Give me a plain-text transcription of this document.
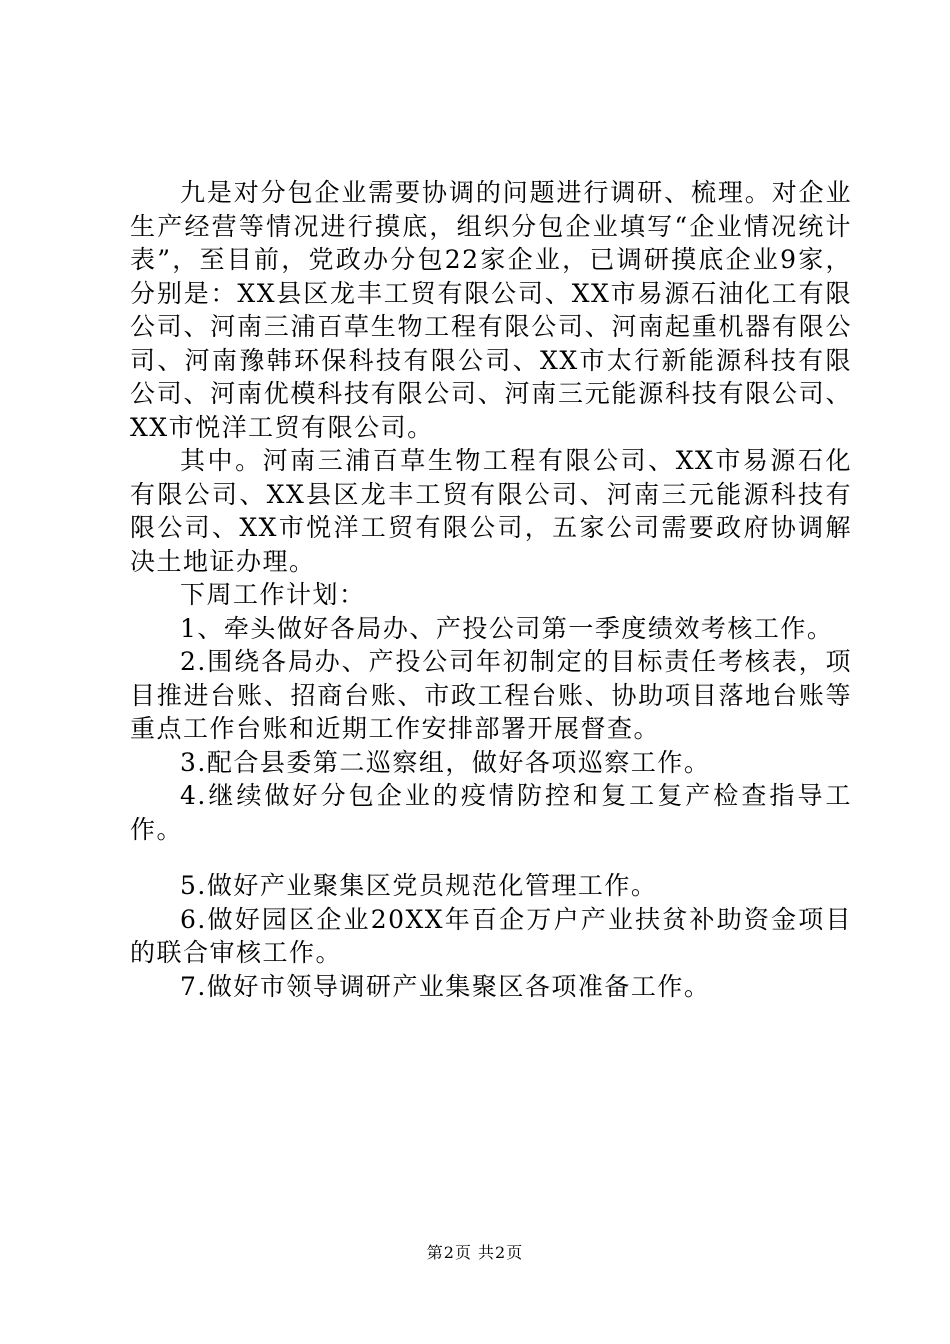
九是对分包企业需要协调的问题进行调研、梳理。对企业生产经营等情况进行摸底，组织分包企业填写“企业情况统计表”，至目前，党政办分包22家企业，已调研摸底企业9家，分别是：XX县区龙丰工贸有限公司、XX市易源石油化工有限公司、河南三浦百草生物工程有限公司、河南起重机器有限公司、河南豫韩环保科技有限公司、XX市太行新能源科技有限公司、河南优模科技有限公司、河南三元能源科技有限公司、XX市悦洋工贸有限公司。

其中。河南三浦百草生物工程有限公司、XX市易源石化有限公司、XX县区龙丰工贸有限公司、河南三元能源科技有限公司、XX市悦洋工贸有限公司，五家公司需要政府协调解决土地证办理。

下周工作计划：

1、牵头做好各局办、产投公司第一季度绩效考核工作。

2.围绕各局办、产投公司年初制定的目标责任考核表，项目推进台账、招商台账、市政工程台账、协助项目落地台账等重点工作台账和近期工作安排部署开展督查。

3.配合县委第二巡察组，做好各项巡察工作。

4.继续做好分包企业的疫情防控和复工复产检查指导工作。

5.做好产业聚集区党员规范化管理工作。

6.做好园区企业20XX年百企万户产业扶贫补助资金项目的联合审核工作。

7.做好市领导调研产业集聚区各项准备工作。

第2页 共2页
